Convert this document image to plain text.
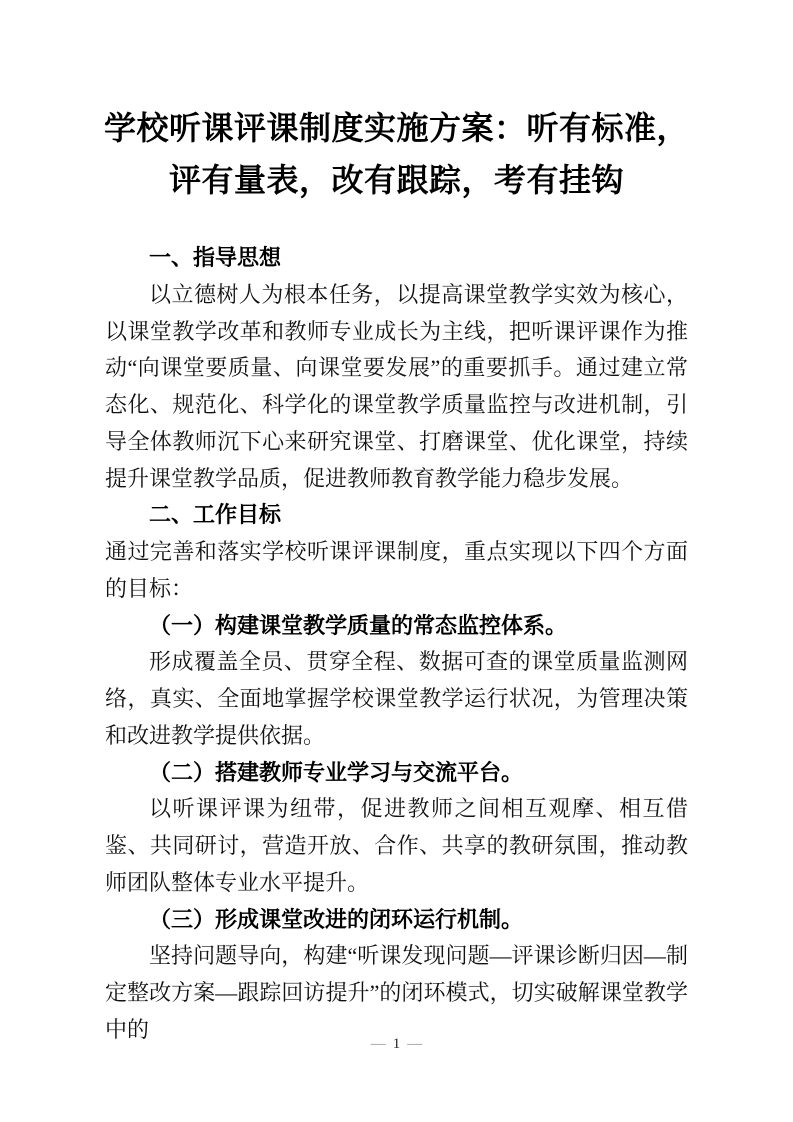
学校听课评课制度实施方案：听有标准，
评有量表，改有跟踪，考有挂钩
一、指导思想
以立德树人为根本任务，以提高课堂教学实效为核心，以课堂教学改革和教师专业成长为主线，把听课评课作为推动“向课堂要质量、向课堂要发展”的重要抓手。通过建立常态化、规范化、科学化的课堂教学质量监控与改进机制，引导全体教师沉下心来研究课堂、打磨课堂、优化课堂，持续提升课堂教学品质，促进教师教育教学能力稳步发展。
二、工作目标
通过完善和落实学校听课评课制度，重点实现以下四个方面的目标：
（一）构建课堂教学质量的常态监控体系。
形成覆盖全员、贯穿全程、数据可查的课堂质量监测网络，真实、全面地掌握学校课堂教学运行状况，为管理决策和改进教学提供依据。
（二）搭建教师专业学习与交流平台。
以听课评课为纽带，促进教师之间相互观摩、相互借鉴、共同研讨，营造开放、合作、共享的教研氛围，推动教师团队整体专业水平提升。
（三）形成课堂改进的闭环运行机制。
坚持问题导向，构建“听课发现问题—评课诊断归因—制定整改方案—跟踪回访提升”的闭环模式，切实破解课堂教学中的
— 1 —
